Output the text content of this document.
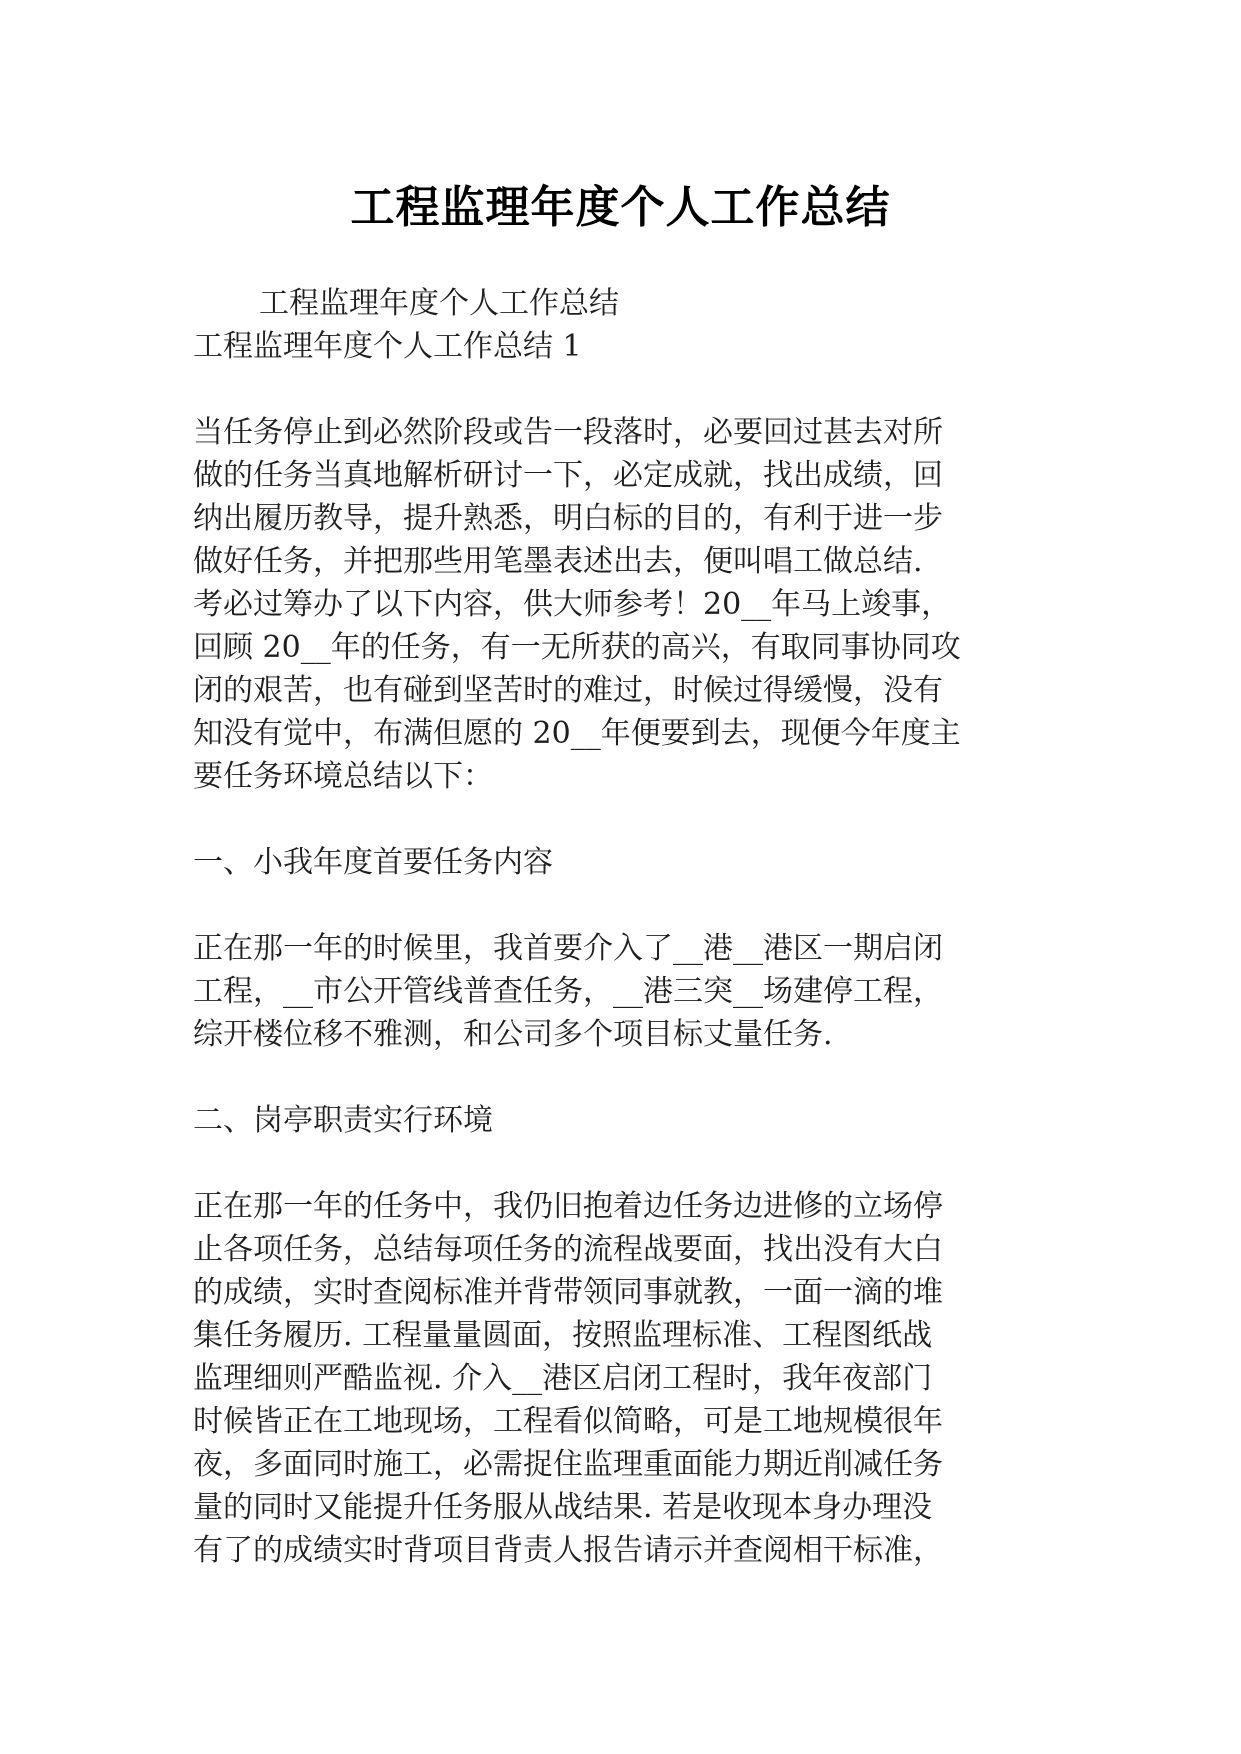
工程监理年度个人工作总结
工程监理年度个人工作总结
工程监理年度个人工作总结 1
当任务停止到必然阶段或告一段落时，必要回过甚去对所
做的任务当真地解析研讨一下，必定成就，找出成绩，回
纳出履历教导，提升熟悉，明白标的目的，有利于进一步
做好任务，并把那些用笔墨表述出去，便叫唱工做总结.
考必过筹办了以下内容，供大师参考！20__年马上竣事，
回顾 20__年的任务，有一无所获的高兴，有取同事协同攻
闭的艰苦，也有碰到坚苦时的难过，时候过得缓慢，没有
知没有觉中，布满但愿的 20__年便要到去，现便今年度主
要任务环境总结以下：
一、小我年度首要任务内容
正在那一年的时候里，我首要介入了__港__港区一期启闭
工程，__市公开管线普查任务，__港三突__场建停工程，
综开楼位移不雅测，和公司多个项目标丈量任务.
二、岗亭职责实行环境
正在那一年的任务中，我仍旧抱着边任务边进修的立场停
止各项任务，总结每项任务的流程战要面，找出没有大白
的成绩，实时查阅标准并背带领同事就教，一面一滴的堆
集任务履历. 工程量量圆面，按照监理标准、工程图纸战
监理细则严酷监视. 介入__港区启闭工程时，我年夜部门
时候皆正在工地现场，工程看似简略，可是工地规模很年
夜，多面同时施工，必需捉住监理重面能力期近削减任务
量的同时又能提升任务服从战结果. 若是收现本身办理没
有了的成绩实时背项目背责人报告请示并查阅相干标准，
